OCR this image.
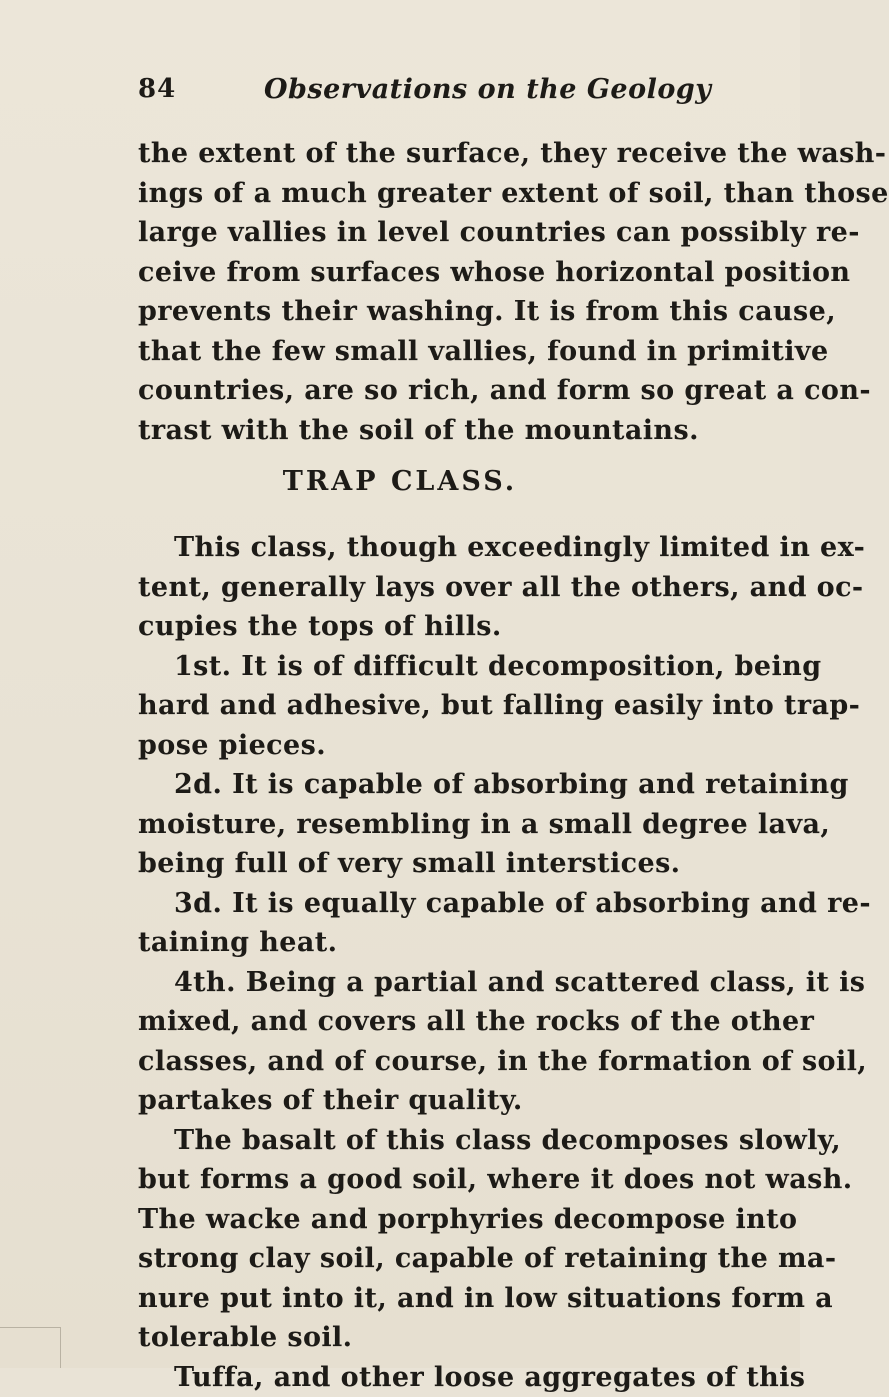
84	Observations on the Geology
the extent of the surface, they receive the wash-
ings of a much greater extent of soil, than those
large vallies in level countries can possibly re-
ceive from surfaces whose horizontal position
prevents their washing. It is from this cause,
that the few small vallies, found in primitive
countries, are so rich, and form so great a con-
trast with the soil of the mountains.
TRAP CLASS.
This class, though exceedingly limited in ex-
tent, generally lays over all the others, and oc-
cupies the tops of hills.
1st. It is of difficult decomposition, being
hard and adhesive, but falling easily into trap-
pose pieces.
2d. It is capable of absorbing and retaining
moisture, resembling in a small degree lava,
being full of very small interstices.
3d. It is equally capable of absorbing and re-
taining heat.
4th. Being a partial and scattered class, it is
mixed, and covers all the rocks of the other
classes, and of course, in the formation of soil,
partakes of their quality.
The basalt of this class decomposes slowly,
but forms a good soil, where it does not wash.
The wacke and porphyries decompose into
strong clay soil, capable of retaining the ma-
nure put into it, and in low situations form a
tolerable soil.
Tuffa, and other loose aggregates of this
